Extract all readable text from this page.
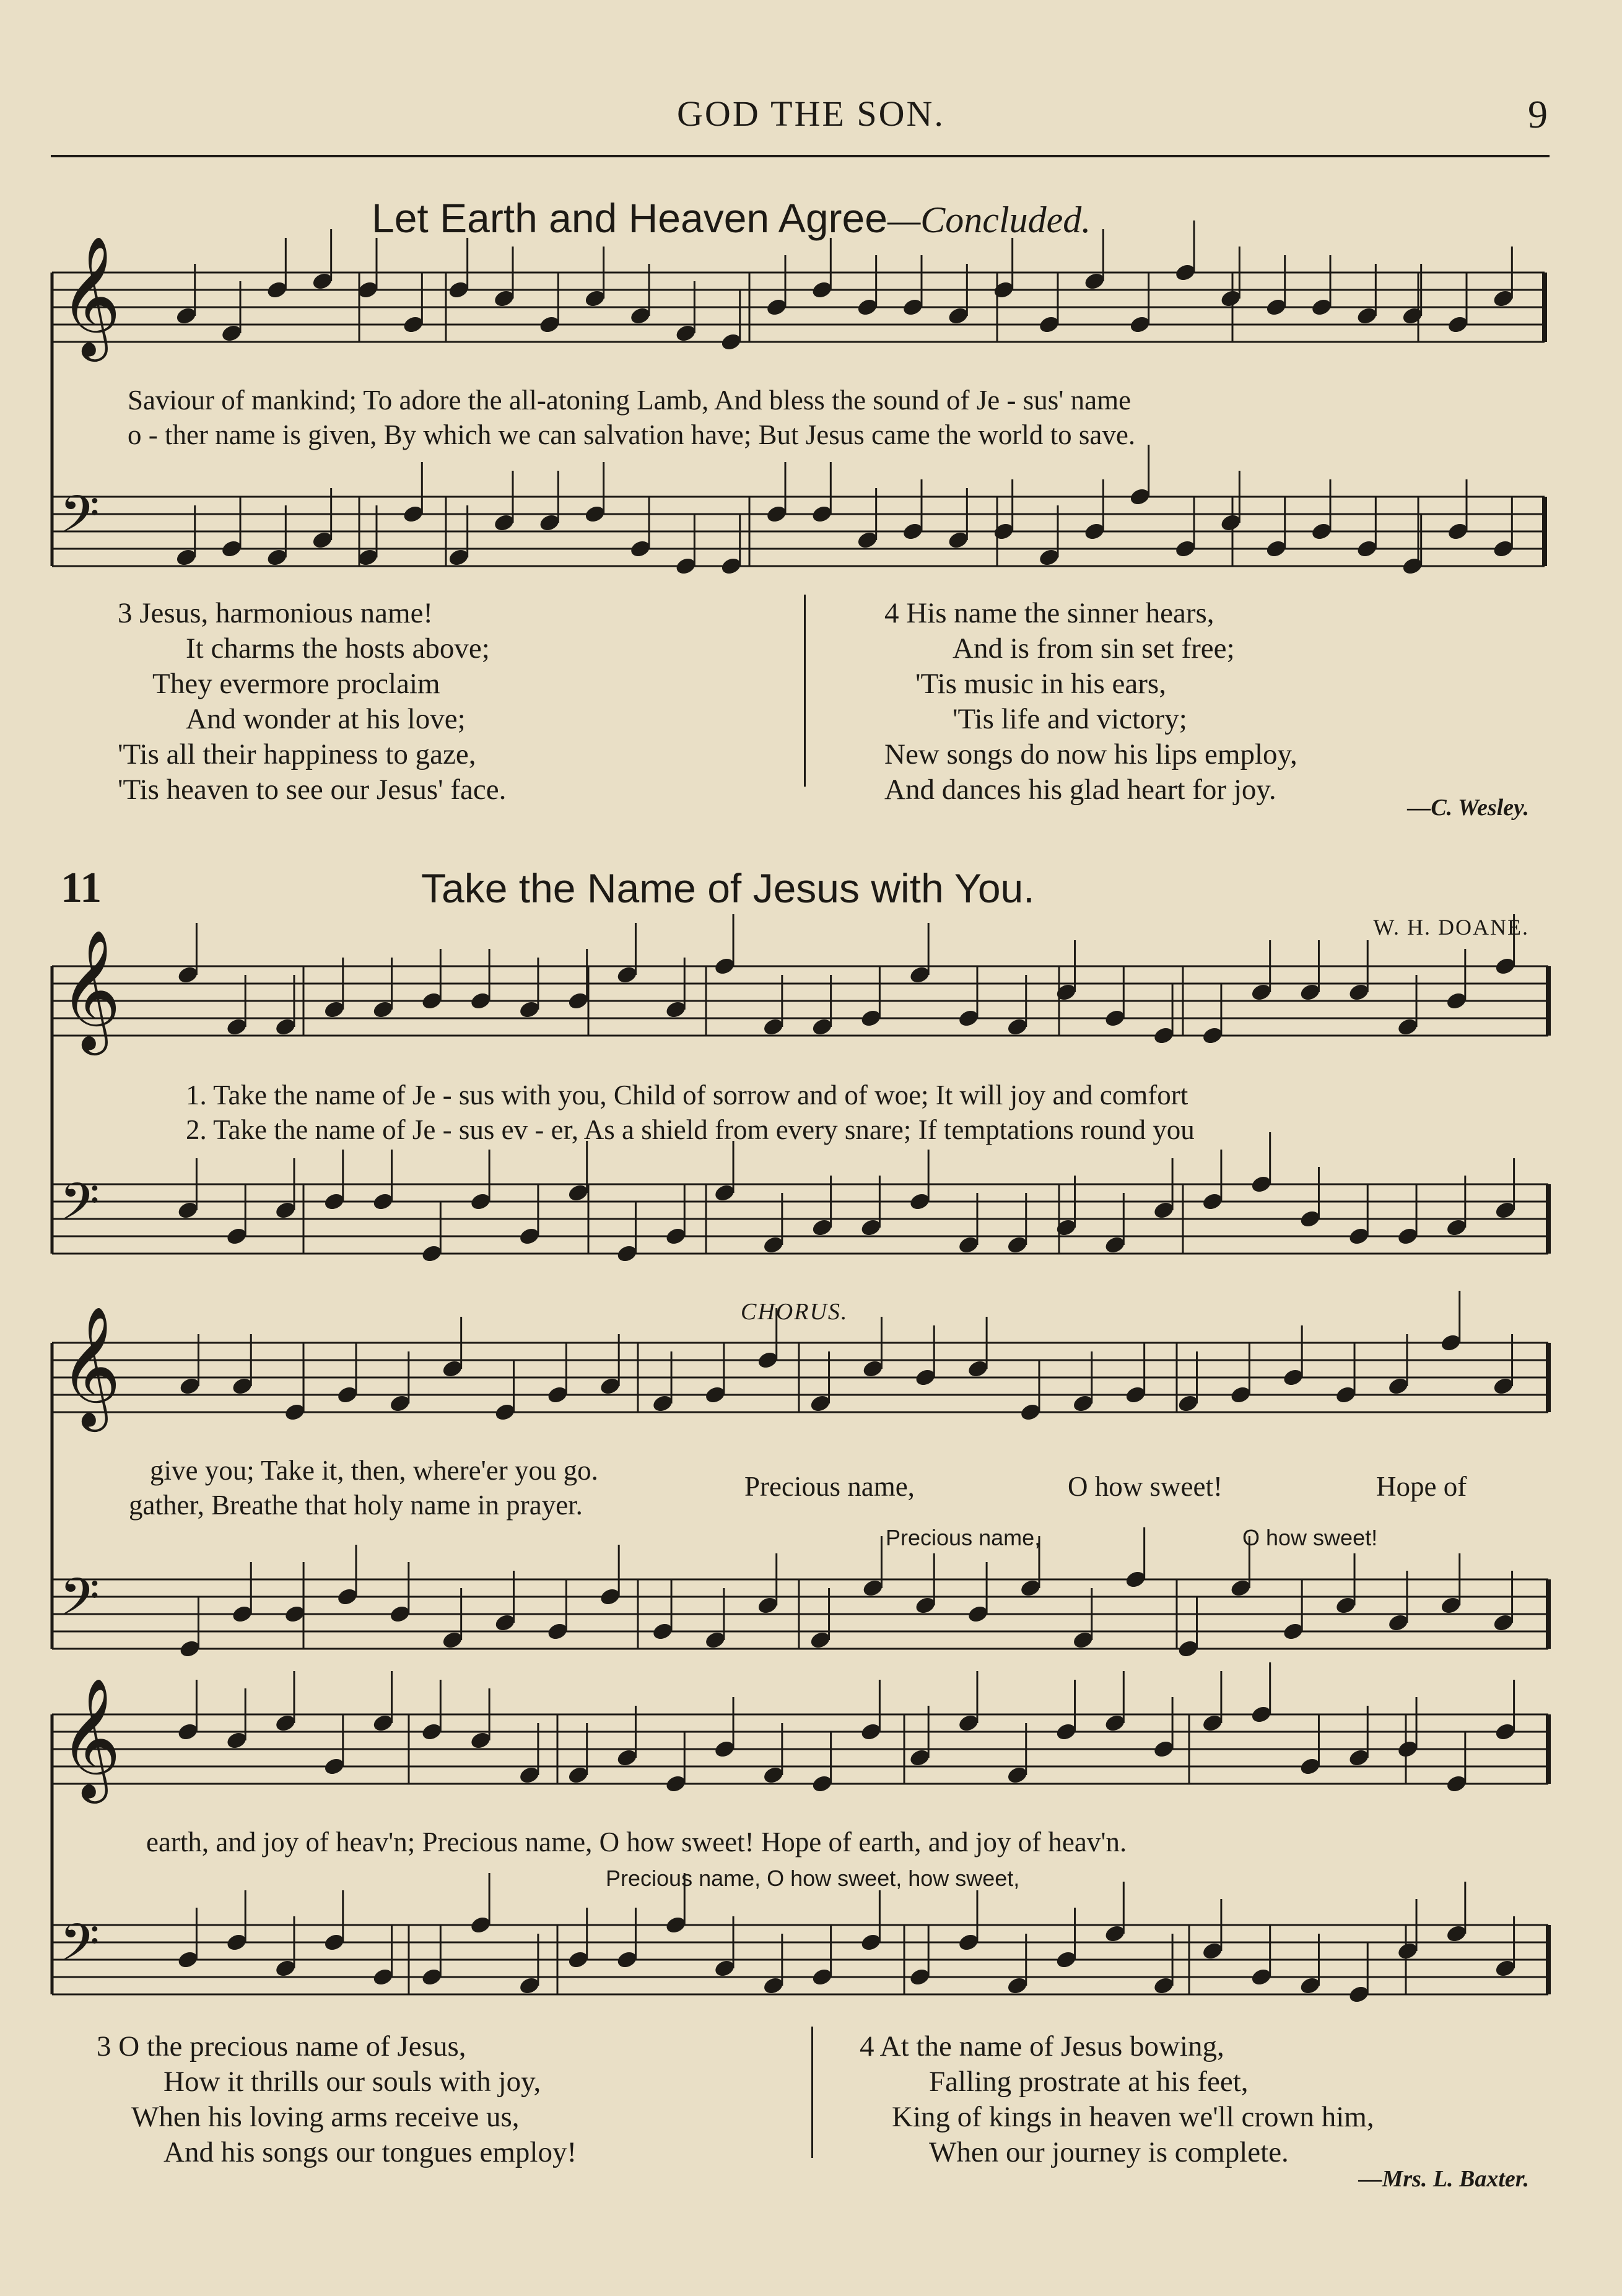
GOD THE SON.	9
Let Earth and Heaven Agree—Concluded.
𝄞
𝄢
𝄞
𝄢
𝄞
𝄢
𝄞
𝄢
Saviour of mankind; To adore the all-atoning Lamb, And bless the sound of Je - sus' name
o - ther name is given, By which we can salvation have; But Jesus came the world to save.
3 Jesus, harmonious name!
It charms the hosts above;
They evermore proclaim
And wonder at his love;
'Tis all their happiness to gaze,
'Tis heaven to see our Jesus' face.
4 His name the sinner hears,
And is from sin set free;
'Tis music in his ears,
'Tis life and victory;
New songs do now his lips employ,
And dances his glad heart for joy.
—C. Wesley.
11	Take the Name of Jesus with You.
W. H. DOANE.
1. Take the name of Je - sus with you, Child of sorrow and of woe; It will joy and comfort
2. Take the name of Je - sus ev - er, As a shield from every snare; If temptations round you
CHORUS.
give you; Take it, then, where'er you go.
gather, Breathe that holy name in prayer.
Precious name,	O how sweet!	Hope of
Precious name,	O how sweet!
earth, and joy of heav'n; Precious name, O how sweet! Hope of earth, and joy of heav'n.
Precious name, O how sweet, how sweet,
3 O the precious name of Jesus,
How it thrills our souls with joy,
When his loving arms receive us,
And his songs our tongues employ!
4 At the name of Jesus bowing,
Falling prostrate at his feet,
King of kings in heaven we'll crown him,
When our journey is complete.
—Mrs. L. Baxter.
